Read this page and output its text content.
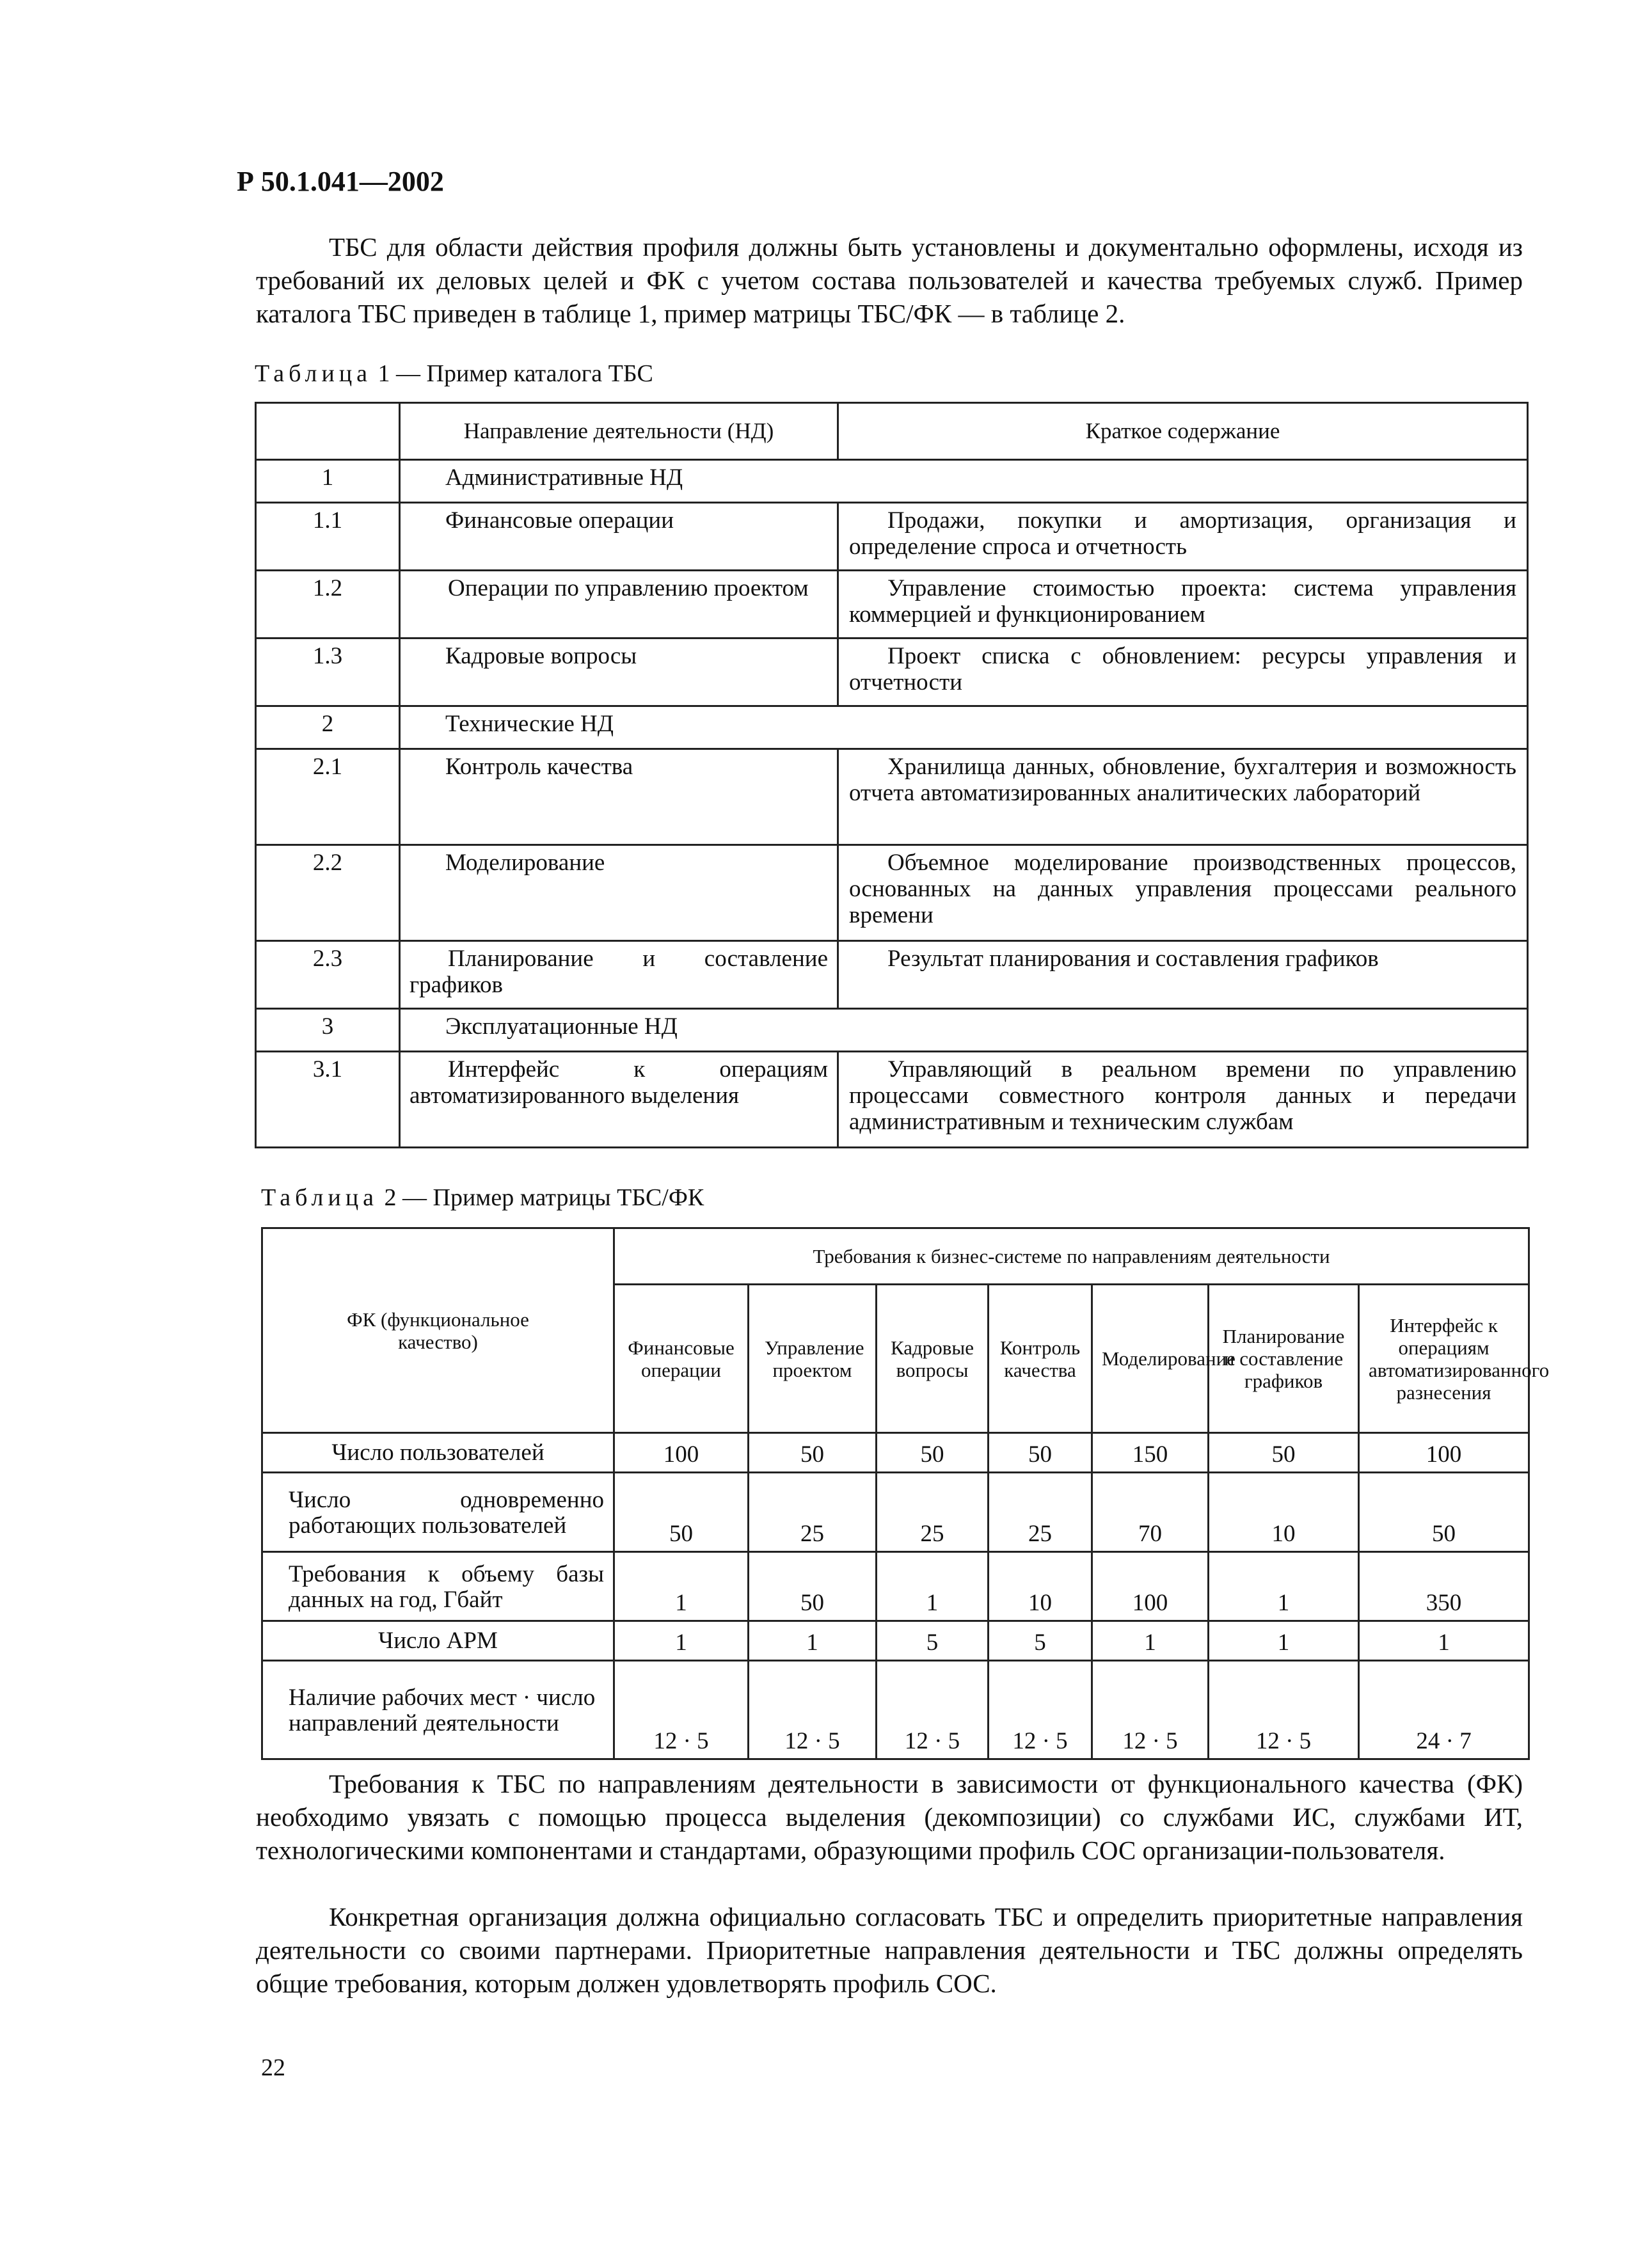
Р 50.1.041—2002

ТБС для области действия профиля должны быть установлены и документально оформлены, исходя из требований их деловых целей и ФК с учетом состава пользователей и качества требуемых служб. Пример каталога ТБС приведен в таблице 1, пример матрицы ТБС/ФК — в таблице 2.

Таблица 1 — Пример каталога ТБС
	Направление деятельности (НД)	Краткое содержание
1	Административные НД	
1.1	Финансовые операции	Продажи, покупки и амортизация, организация и определение спроса и отчетность
1.2	Операции по управлению проектом	Управление стоимостью проекта: система управления коммерцией и функционированием
1.3	Кадровые вопросы	Проект списка с обновлением: ресурсы управления и отчетности
2	Технические НД	
2.1	Контроль качества	Хранилища данных, обновление, бухгалтерия и возможность отчета автоматизированных аналитических лабораторий
2.2	Моделирование	Объемное моделирование производственных процессов, основанных на данных управления процессами реального времени
2.3	Планирование и составление графиков	Результат планирования и составления графиков
3	Эксплуатационные НД	
3.1	Интерфейс к операциям автоматизированного выделения	Управляющий в реальном времени по управлению процессами совместного контроля данных и передачи административным и техническим службам
Таблица 2 — Пример матрицы ТБС/ФК
ФК (функциональное качество)	Требования к бизнес-системе по направлениям деятельности						
	Финансовые операции	Управление проектом	Кадровые вопросы	Контроль качества	Моделирование	Планирование и составление графиков	Интерфейс к операциям автоматизированного разнесения
Число пользователей	100	50	50	50	150	50	100
Число одновременно работающих пользователей	50	25	25	25	70	10	50
Требования к объему базы данных на год, Гбайт	1	50	1	10	100	1	350
Число АРМ	1	1	5	5	1	1	1
Наличие рабочих мест · число направлений деятельности	12 · 5	12 · 5	12 · 5	12 · 5	12 · 5	12 · 5	24 · 7

Требования к ТБС по направлениям деятельности в зависимости от функционального качества (ФК) необходимо увязать с помощью процесса выделения (декомпозиции) со службами ИС, службами ИТ, технологическими компонентами и стандартами, образующими профиль СОС организации-пользователя.

Конкретная организация должна официально согласовать ТБС и определить приоритетные направления деятельности со своими партнерами. Приоритетные направления деятельности и ТБС должны определять общие требования, которым должен удовлетворять профиль СОС.

22
